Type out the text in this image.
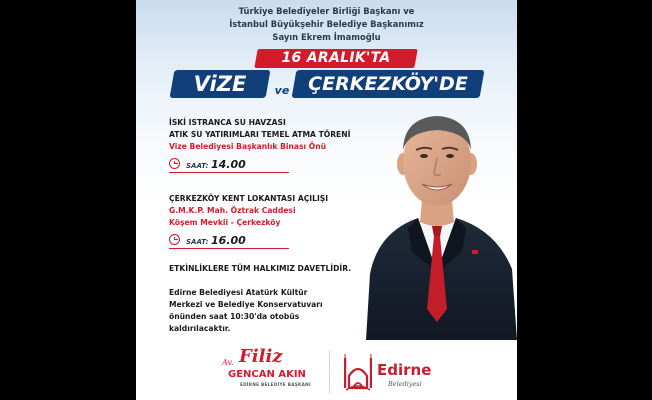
Türkiye Belediyeler Birliği Başkanı ve
İstanbul Büyükşehir Belediye Başkanımız
Sayın Ekrem İmamoğlu
16 ARALIK'TA
ViZE	ve ÇERKEZKÖY'DE
İSKİ ISTRANCA SU HAVZASI
ATIK SU YATIRIMLARI TEMEL ATMA TÖRENİ
Vize Belediyesi Başkanlık Binası Önü
SAAT: 14.00
ÇERKEZKÖY KENT LOKANTASI AÇILIŞI
G.M.K.P. Mah. Öztrak Caddesi
Köşem Mevkii - Çerkezköy
SAAT: 16.00
ETKİNLİKLERE TÜM HALKIMIZ DAVETLİDİR.
Edirne Belediyesi Atatürk Kültür
Merkezi ve Belediye Konservatuvarı
önünden saat 10:30'da otobüs
kaldırılacaktır.
Av. Filiz
GENCAN AKIN
EDİRNE BELEDİYE BAŞKANI
Edirne
Belediyesi
